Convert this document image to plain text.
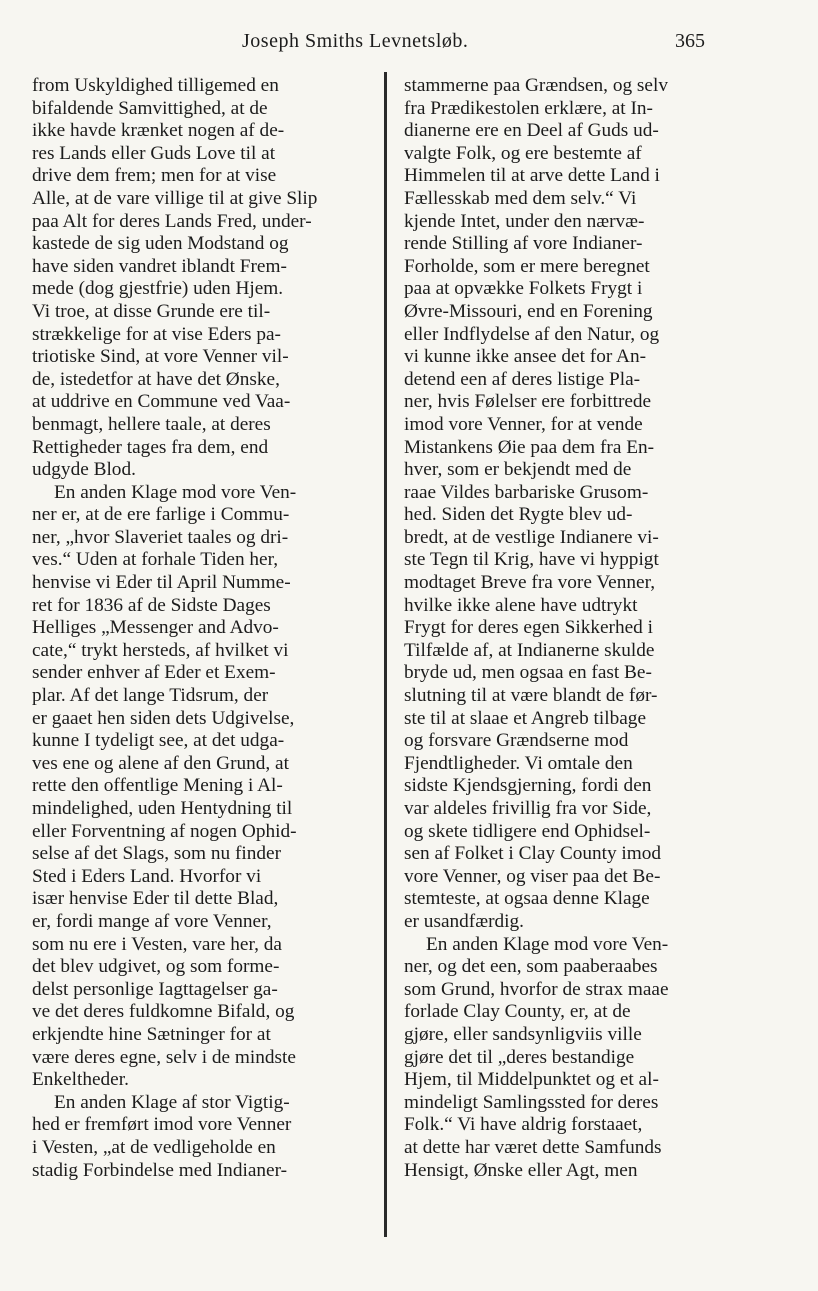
Joseph Smiths Levnetsløb.	365
from Uskyldighed tilligemed en
bifaldende Samvittighed, at de
ikke havde krænket nogen af de-
res Lands eller Guds Love til at
drive dem frem; men for at vise
Alle, at de vare villige til at give Slip
paa Alt for deres Lands Fred, under-
kastede de sig uden Modstand og
have siden vandret iblandt Frem-
mede (dog gjestfrie) uden Hjem.
Vi troe, at disse Grunde ere til-
strækkelige for at vise Eders pa-
triotiske Sind, at vore Venner vil-
de, istedetfor at have det Ønske,
at uddrive en Commune ved Vaa-
benmagt, hellere taale, at deres
Rettigheder tages fra dem, end
udgyde Blod.
En anden Klage mod vore Ven-
ner er, at de ere farlige i Commu-
ner, „hvor Slaveriet taales og dri-
ves.“ Uden at forhale Tiden her,
henvise vi Eder til April Numme-
ret for 1836 af de Sidste Dages
Helliges „Messenger and Advo-
cate,“ trykt hersteds, af hvilket vi
sender enhver af Eder et Exem-
plar. Af det lange Tidsrum, der
er gaaet hen siden dets Udgivelse,
kunne I tydeligt see, at det udga-
ves ene og alene af den Grund, at
rette den offentlige Mening i Al-
mindelighed, uden Hentydning til
eller Forventning af nogen Ophid-
selse af det Slags, som nu finder
Sted i Eders Land. Hvorfor vi
især henvise Eder til dette Blad,
er, fordi mange af vore Venner,
som nu ere i Vesten, vare her, da
det blev udgivet, og som forme-
delst personlige Iagttagelser ga-
ve det deres fuldkomne Bifald, og
erkjendte hine Sætninger for at
være deres egne, selv i de mindste
Enkeltheder.
En anden Klage af stor Vigtig-
hed er fremført imod vore Venner
i Vesten, „at de vedligeholde en
stadig Forbindelse med Indianer-
stammerne paa Grændsen, og selv
fra Prædikestolen erklære, at In-
dianerne ere en Deel af Guds ud-
valgte Folk, og ere bestemte af
Himmelen til at arve dette Land i
Fællesskab med dem selv.“ Vi
kjende Intet, under den nærvæ-
rende Stilling af vore Indianer-
Forholde, som er mere beregnet
paa at opvække Folkets Frygt i
Øvre-Missouri, end en Forening
eller Indflydelse af den Natur, og
vi kunne ikke ansee det for An-
detend een af deres listige Pla-
ner, hvis Følelser ere forbittrede
imod vore Venner, for at vende
Mistankens Øie paa dem fra En-
hver, som er bekjendt med de
raae Vildes barbariske Grusom-
hed. Siden det Rygte blev ud-
bredt, at de vestlige Indianere vi-
ste Tegn til Krig, have vi hyppigt
modtaget Breve fra vore Venner,
hvilke ikke alene have udtrykt
Frygt for deres egen Sikkerhed i
Tilfælde af, at Indianerne skulde
bryde ud, men ogsaa en fast Be-
slutning til at være blandt de før-
ste til at slaae et Angreb tilbage
og forsvare Grændserne mod
Fjendtligheder. Vi omtale den
sidste Kjendsgjerning, fordi den
var aldeles frivillig fra vor Side,
og skete tidligere end Ophidsel-
sen af Folket i Clay County imod
vore Venner, og viser paa det Be-
stemteste, at ogsaa denne Klage
er usandfærdig.
En anden Klage mod vore Ven-
ner, og det een, som paaberaabes
som Grund, hvorfor de strax maae
forlade Clay County, er, at de
gjøre, eller sandsynligviis ville
gjøre det til „deres bestandige
Hjem, til Middelpunktet og et al-
mindeligt Samlingssted for deres
Folk.“ Vi have aldrig forstaaet,
at dette har været dette Samfunds
Hensigt, Ønske eller Agt, men
